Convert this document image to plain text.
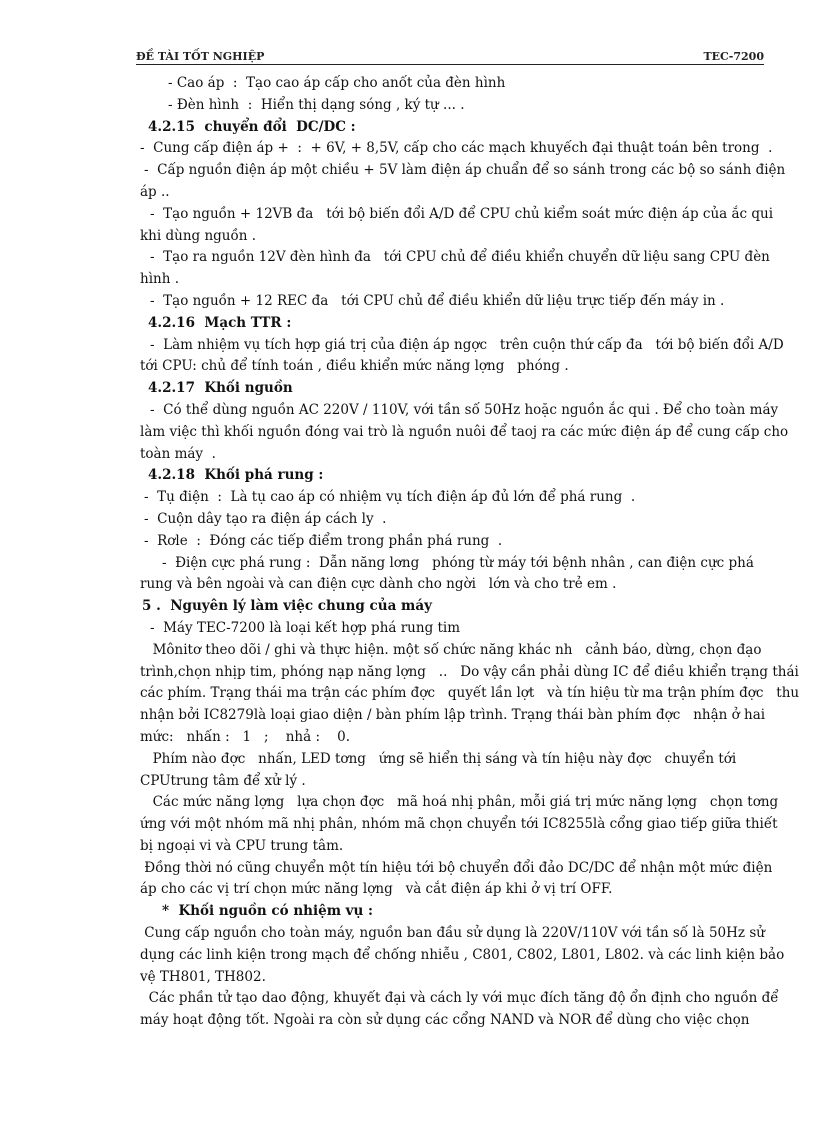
ĐỀ TÀI TỐT NGHIỆP	TEC-7200

- Cao áp  :  Tạo cao áp cấp cho anốt của đèn hình

- Đèn hình  :  Hiển thị dạng sóng , ký tự ... .

4.2.15  chuyển đổi  DC/DC :

-  Cung cấp điện áp +  :  + 6V, + 8,5V, cấp cho các mạch khuyếch đại thuật toán bên trong  .

-  Cấp nguồn điện áp một chiều + 5V làm điện áp chuẩn để so sánh trong các bộ so sánh điện

áp ..

-  Tạo nguồn + 12VB đa   tới bộ biến đổi A/D để CPU chủ kiểm soát mức điện áp của ắc qui

khi dùng nguồn .

-  Tạo ra nguồn 12V đèn hình đa   tới CPU chủ để điều khiển chuyển dữ liệu sang CPU đèn

hình .

-  Tạo nguồn + 12 REC đa   tới CPU chủ để điều khiển dữ liệu trực tiếp đến máy in .

4.2.16  Mạch TTR :

-  Làm nhiệm vụ tích hợp giá trị của điện áp ngợc   trên cuộn thứ cấp đa   tới bộ biến đổi A/D

tới CPU: chủ để tính toán , điều khiển mức năng lợng   phóng .

4.2.17  Khối nguồn

-  Có thể dùng nguồn AC 220V / 110V, với tần số 50Hz hoặc nguồn ắc qui . Để cho toàn máy

làm việc thì khối nguồn đóng vai trò là nguồn nuôi để taoj ra các mức điện áp để cung cấp cho

toàn máy  .

4.2.18  Khối phá rung :

-  Tụ điện  :  Là tụ cao áp có nhiệm vụ tích điện áp đủ lớn để phá rung  .

-  Cuộn dây tạo ra điện áp cách ly  .

-  Rơle  :  Đóng các tiếp điểm trong phần phá rung  .

-  Điện cực phá rung :  Dẫn năng lơng   phóng từ máy tới bệnh nhân , can điện cực phá

rung và bên ngoài và can điện cực dành cho ngời   lớn và cho trẻ em .

5 .  Nguyên lý làm việc chung của máy

-  Máy TEC-7200 là loại kết hợp phá rung tim

Mônitơ theo dõi / ghi và thực hiện. một số chức năng khác nh   cảnh báo, dừng, chọn đạo

trình,chọn nhịp tim, phóng nạp năng lợng   ..   Do vậy cần phải dùng IC để điều khiển trạng thái

các phím. Trạng thái ma trận các phím đợc   quyết lần lợt   và tín hiệu từ ma trận phím đợc   thu

nhận bởi IC8279là loại giao diện / bàn phím lập trình. Trạng thái bàn phím đợc   nhận ở hai

mức:   nhấn :   1   ;    nhả :    0.

Phím nào đợc   nhấn, LED tơng   ứng sẽ hiển thị sáng và tín hiệu này đợc   chuyển tới

CPUtrung tâm để xử lý .

Các mức năng lợng   lựa chọn đợc   mã hoá nhị phân, mỗi giá trị mức năng lợng   chọn tơng

ứng với một nhóm mã nhị phân, nhóm mã chọn chuyển tới IC8255là cổng giao tiếp giữa thiết

bị ngoại vi và CPU trung tâm.

Đồng thời nó cũng chuyển một tín hiệu tới bộ chuyển đổi đảo DC/DC để nhận một mức điện

áp cho các vị trí chọn mức năng lợng   và cắt điện áp khi ở vị trí OFF.

*  Khối nguồn có nhiệm vụ :

Cung cấp nguồn cho toàn máy, nguồn ban đầu sử dụng là 220V/110V với tần số là 50Hz sử

dụng các linh kiện trong mạch để chống nhiễu , C801, C802, L801, L802. và các linh kiện bảo

vệ TH801, TH802.

Các phần tử tạo dao động, khuyết đại và cách ly với mục đích tăng độ ổn định cho nguồn để

máy hoạt động tốt. Ngoài ra còn sử dụng các cổng NAND và NOR để dùng cho việc chọn
